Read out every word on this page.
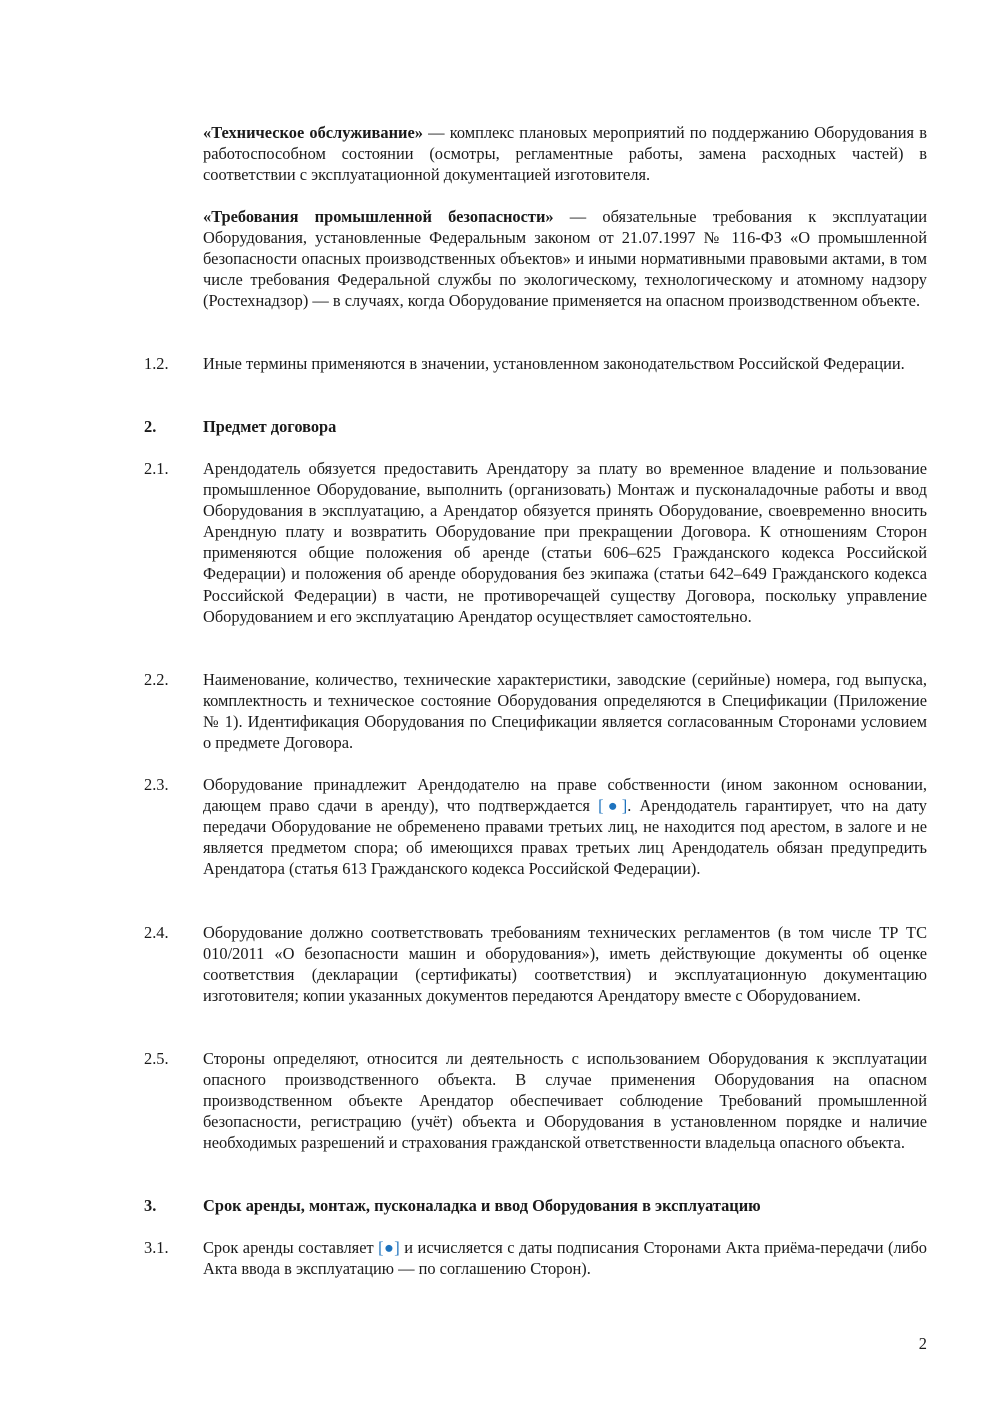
«Техническое обслуживание» — комплекс плановых мероприятий по поддержанию Оборудования в работоспособном состоянии (осмотры, регламентные работы, замена расходных частей) в соответствии с эксплуатационной документацией изготовителя.

«Требования промышленной безопасности» — обязательные требования к эксплуатации Оборудования, установленные Федеральным законом от 21.07.1997 № 116-ФЗ «О промышленной безопасности опасных производственных объектов» и иными нормативными правовыми актами, в том числе требования Федеральной службы по экологическому, технологическому и атомному надзору (Ростехнадзор) — в случаях, когда Оборудование применяется на опасном производственном объекте.

1.2.	Иные термины применяются в значении, установленном законодательством Российской Федерации.
2.	Предмет договора
2.1.	Арендодатель обязуется предоставить Арендатору за плату во временное владение и пользование промышленное Оборудование, выполнить (организовать) Монтаж и пусконаладочные работы и ввод Оборудования в эксплуатацию, а Арендатор обязуется принять Оборудование, своевременно вносить Арендную плату и возвратить Оборудование при прекращении Договора. К отношениям Сторон применяются общие положения об аренде (статьи 606–625 Гражданского кодекса Российской Федерации) и положения об аренде оборудования без экипажа (статьи 642–649 Гражданского кодекса Российской Федерации) в части, не противоречащей существу Договора, поскольку управление Оборудованием и его эксплуатацию Арендатор осуществляет самостоятельно.
2.2.	Наименование, количество, технические характеристики, заводские (серийные) номера, год выпуска, комплектность и техническое состояние Оборудования определяются в Спецификации (Приложение № 1). Идентификация Оборудования по Спецификации является согласованным Сторонами условием о предмете Договора.
2.3.	Оборудование принадлежит Арендодателю на праве собственности (ином законном основании, дающем право сдачи в аренду), что подтверждается [●]. Арендодатель гарантирует, что на дату передачи Оборудование не обременено правами третьих лиц, не находится под арестом, в залоге и не является предметом спора; об имеющихся правах третьих лиц Арендодатель обязан предупредить Арендатора (статья 613 Гражданского кодекса Российской Федерации).
2.4.	Оборудование должно соответствовать требованиям технических регламентов (в том числе ТР ТС 010/2011 «О безопасности машин и оборудования»), иметь действующие документы об оценке соответствия (декларации (сертификаты) соответствия) и эксплуатационную документацию изготовителя; копии указанных документов передаются Арендатору вместе с Оборудованием.
2.5.	Стороны определяют, относится ли деятельность с использованием Оборудования к эксплуатации опасного производственного объекта. В случае применения Оборудования на опасном производственном объекте Арендатор обеспечивает соблюдение Требований промышленной безопасности, регистрацию (учёт) объекта и Оборудования в установленном порядке и наличие необходимых разрешений и страхования гражданской ответственности владельца опасного объекта.
3.	Срок аренды, монтаж, пусконаладка и ввод Оборудования в эксплуатацию
3.1.	Срок аренды составляет [●] и исчисляется с даты подписания Сторонами Акта приёма-передачи (либо Акта ввода в эксплуатацию — по соглашению Сторон).
2
